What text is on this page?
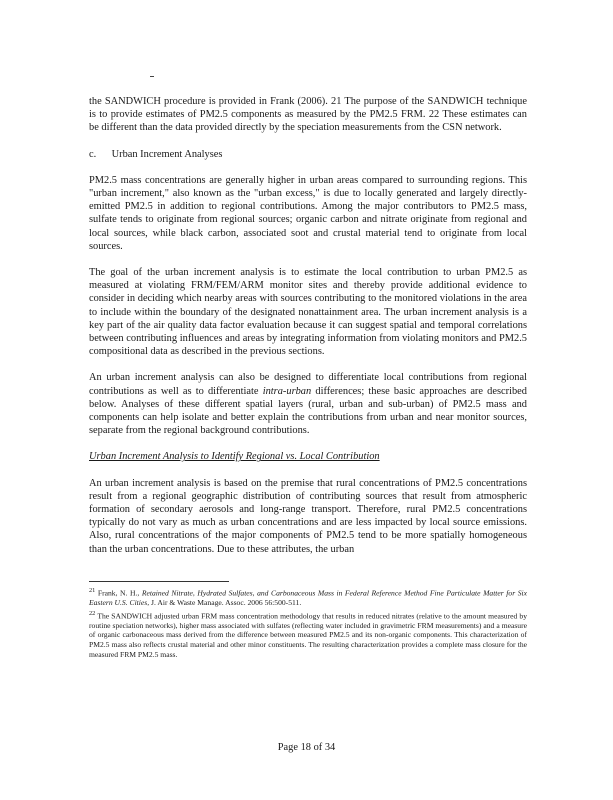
the SANDWICH procedure is provided in Frank (2006). 21 The purpose of the SANDWICH technique is to provide estimates of PM2.5 components as measured by the PM2.5 FRM. 22 These estimates can be different than the data provided directly by the speciation measurements from the CSN network.

c. Urban Increment Analyses

PM2.5 mass concentrations are generally higher in urban areas compared to surrounding regions. This "urban increment," also known as the "urban excess," is due to locally generated and largely directly-emitted PM2.5 in addition to regional contributions. Among the major contributors to PM2.5 mass, sulfate tends to originate from regional sources; organic carbon and nitrate originate from regional and local sources, while black carbon, associated soot and crustal material tend to originate from local sources.

The goal of the urban increment analysis is to estimate the local contribution to urban PM2.5 as measured at violating FRM/FEM/ARM monitor sites and thereby provide additional evidence to consider in deciding which nearby areas with sources contributing to the monitored violations in the area to include within the boundary of the designated nonattainment area. The urban increment analysis is a key part of the air quality data factor evaluation because it can suggest spatial and temporal correlations between contributing influences and areas by integrating information from violating monitors and PM2.5 compositional data as described in the previous sections.

An urban increment analysis can also be designed to differentiate local contributions from regional contributions as well as to differentiate intra-urban differences; these basic approaches are described below. Analyses of these different spatial layers (rural, urban and sub-urban) of PM2.5 mass and components can help isolate and better explain the contributions from urban and near monitor sources, separate from the regional background contributions.

Urban Increment Analysis to Identify Regional vs. Local Contribution

An urban increment analysis is based on the premise that rural concentrations of PM2.5 concentrations result from a regional geographic distribution of contributing sources that result from atmospheric formation of secondary aerosols and long-range transport. Therefore, rural PM2.5 concentrations typically do not vary as much as urban concentrations and are less impacted by local source emissions. Also, rural concentrations of the major components of PM2.5 tend to be more spatially homogeneous than the urban concentrations. Due to these attributes, the urban

$^{21}$ Frank, N. H., Retained Nitrate, Hydrated Sulfates, and Carbonaceous Mass in Federal Reference Method Fine Particulate Matter for Six Eastern U.S. Cities, J. Air & Waste Manage. Assoc. 2006 56:500-511.

$^{22}$ The SANDWICH adjusted urban FRM mass concentration methodology that results in reduced nitrates (relative to the amount measured by routine speciation networks), higher mass associated with sulfates (reflecting water included in gravimetric FRM measurements) and a measure of organic carbonaceous mass derived from the difference between measured PM2.5 and its non-organic components. This characterization of PM2.5 mass also reflects crustal material and other minor constituents. The resulting characterization provides a complete mass closure for the measured FRM PM2.5 mass.

Page 18 of 34
